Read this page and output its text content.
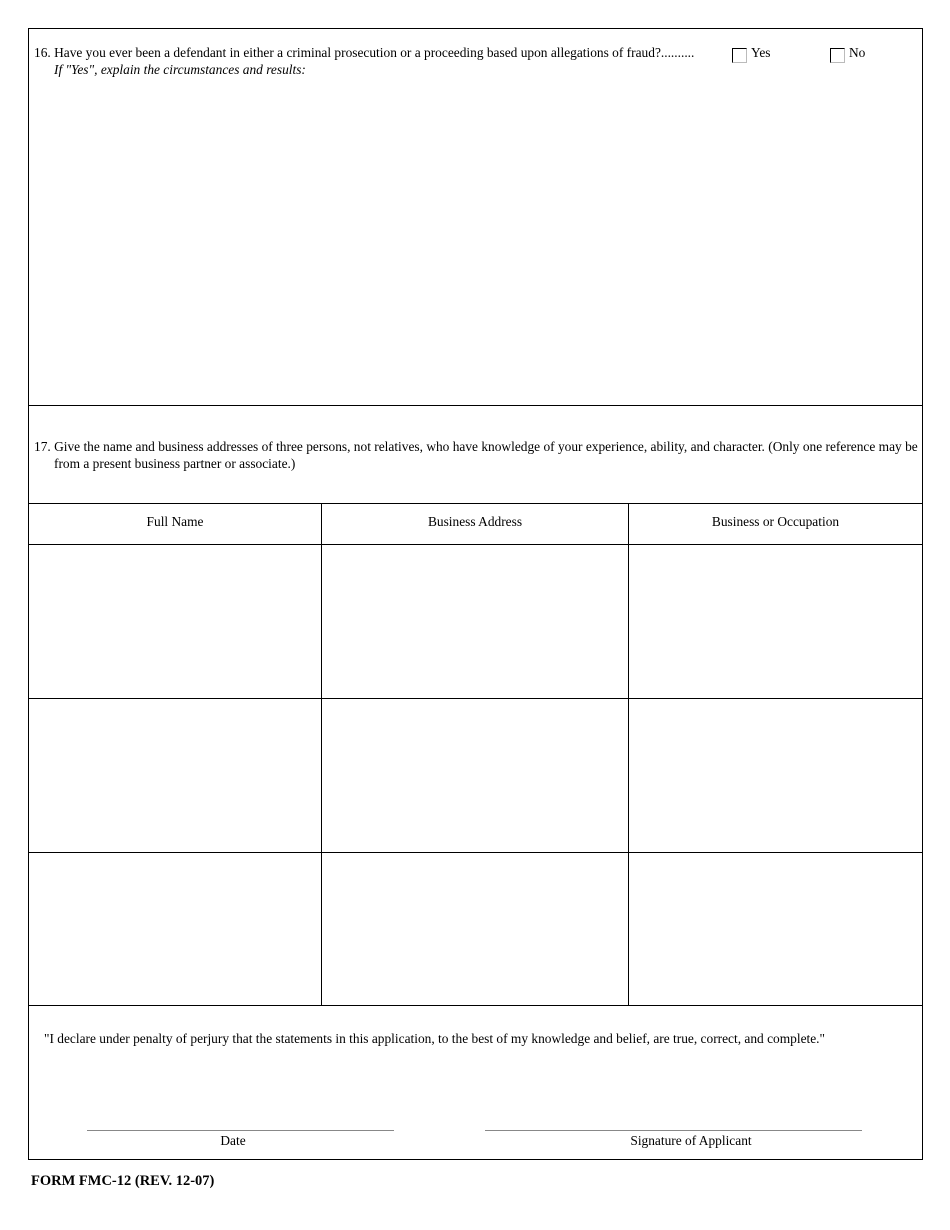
16. Have you ever been a defendant in either a criminal prosecution or a proceeding based upon allegations of fraud?..........
If "Yes", explain the circumstances and results:
Yes	No
17. Give the name and business addresses of three persons, not relatives, who have knowledge of your experience, ability, and character. (Only one reference may be from a present business partner or associate.)
Full Name	Business Address	Business or Occupation
"I declare under penalty of perjury that the statements in this application, to the best of my knowledge and belief, are true, correct, and complete."
Date	Signature of Applicant
FORM FMC-12 (REV. 12-07)
